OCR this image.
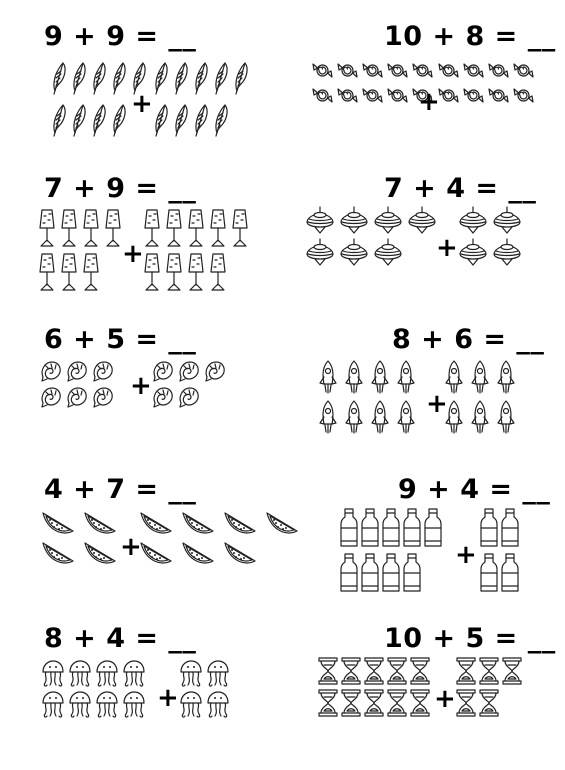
9 + 9 = __
+
10 + 8 = __
+
7 + 9 = __
+
7 + 4 = __
+
6 + 5 = __
+
8 + 6 = __
+
4 + 7 = __
+
9 + 4 = __
+
8 + 4 = __
+
10 + 5 = __
+
